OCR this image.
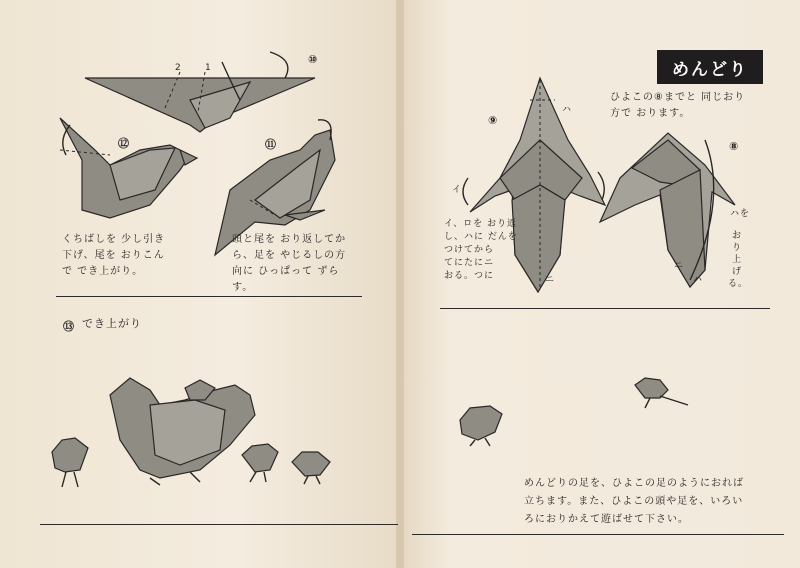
めんどり
2	1
ハ
イ
ニ
ニ
ハ
⑩
⑫	⑪
⑨
⑧
⑬
くちばしを 少し引き
下げ、尾を おりこん
で でき上がり。
頭と尾を おり返してか
ら、足を やじるしの方
向に ひっぱって ずら
す。
でき上がり
ひよこの⑧までと 同じおり
方で おります。
イ、ロを おり返
し、ハに だんを
つけてから
てにたにニ
おる。つに
ハを
お
り
上
げ
る。
めんどりの足を、ひよこの足のようにおれば
立ちます。また、ひよこの頭や足を、いろい
ろにおりかえて遊ばせて下さい。
